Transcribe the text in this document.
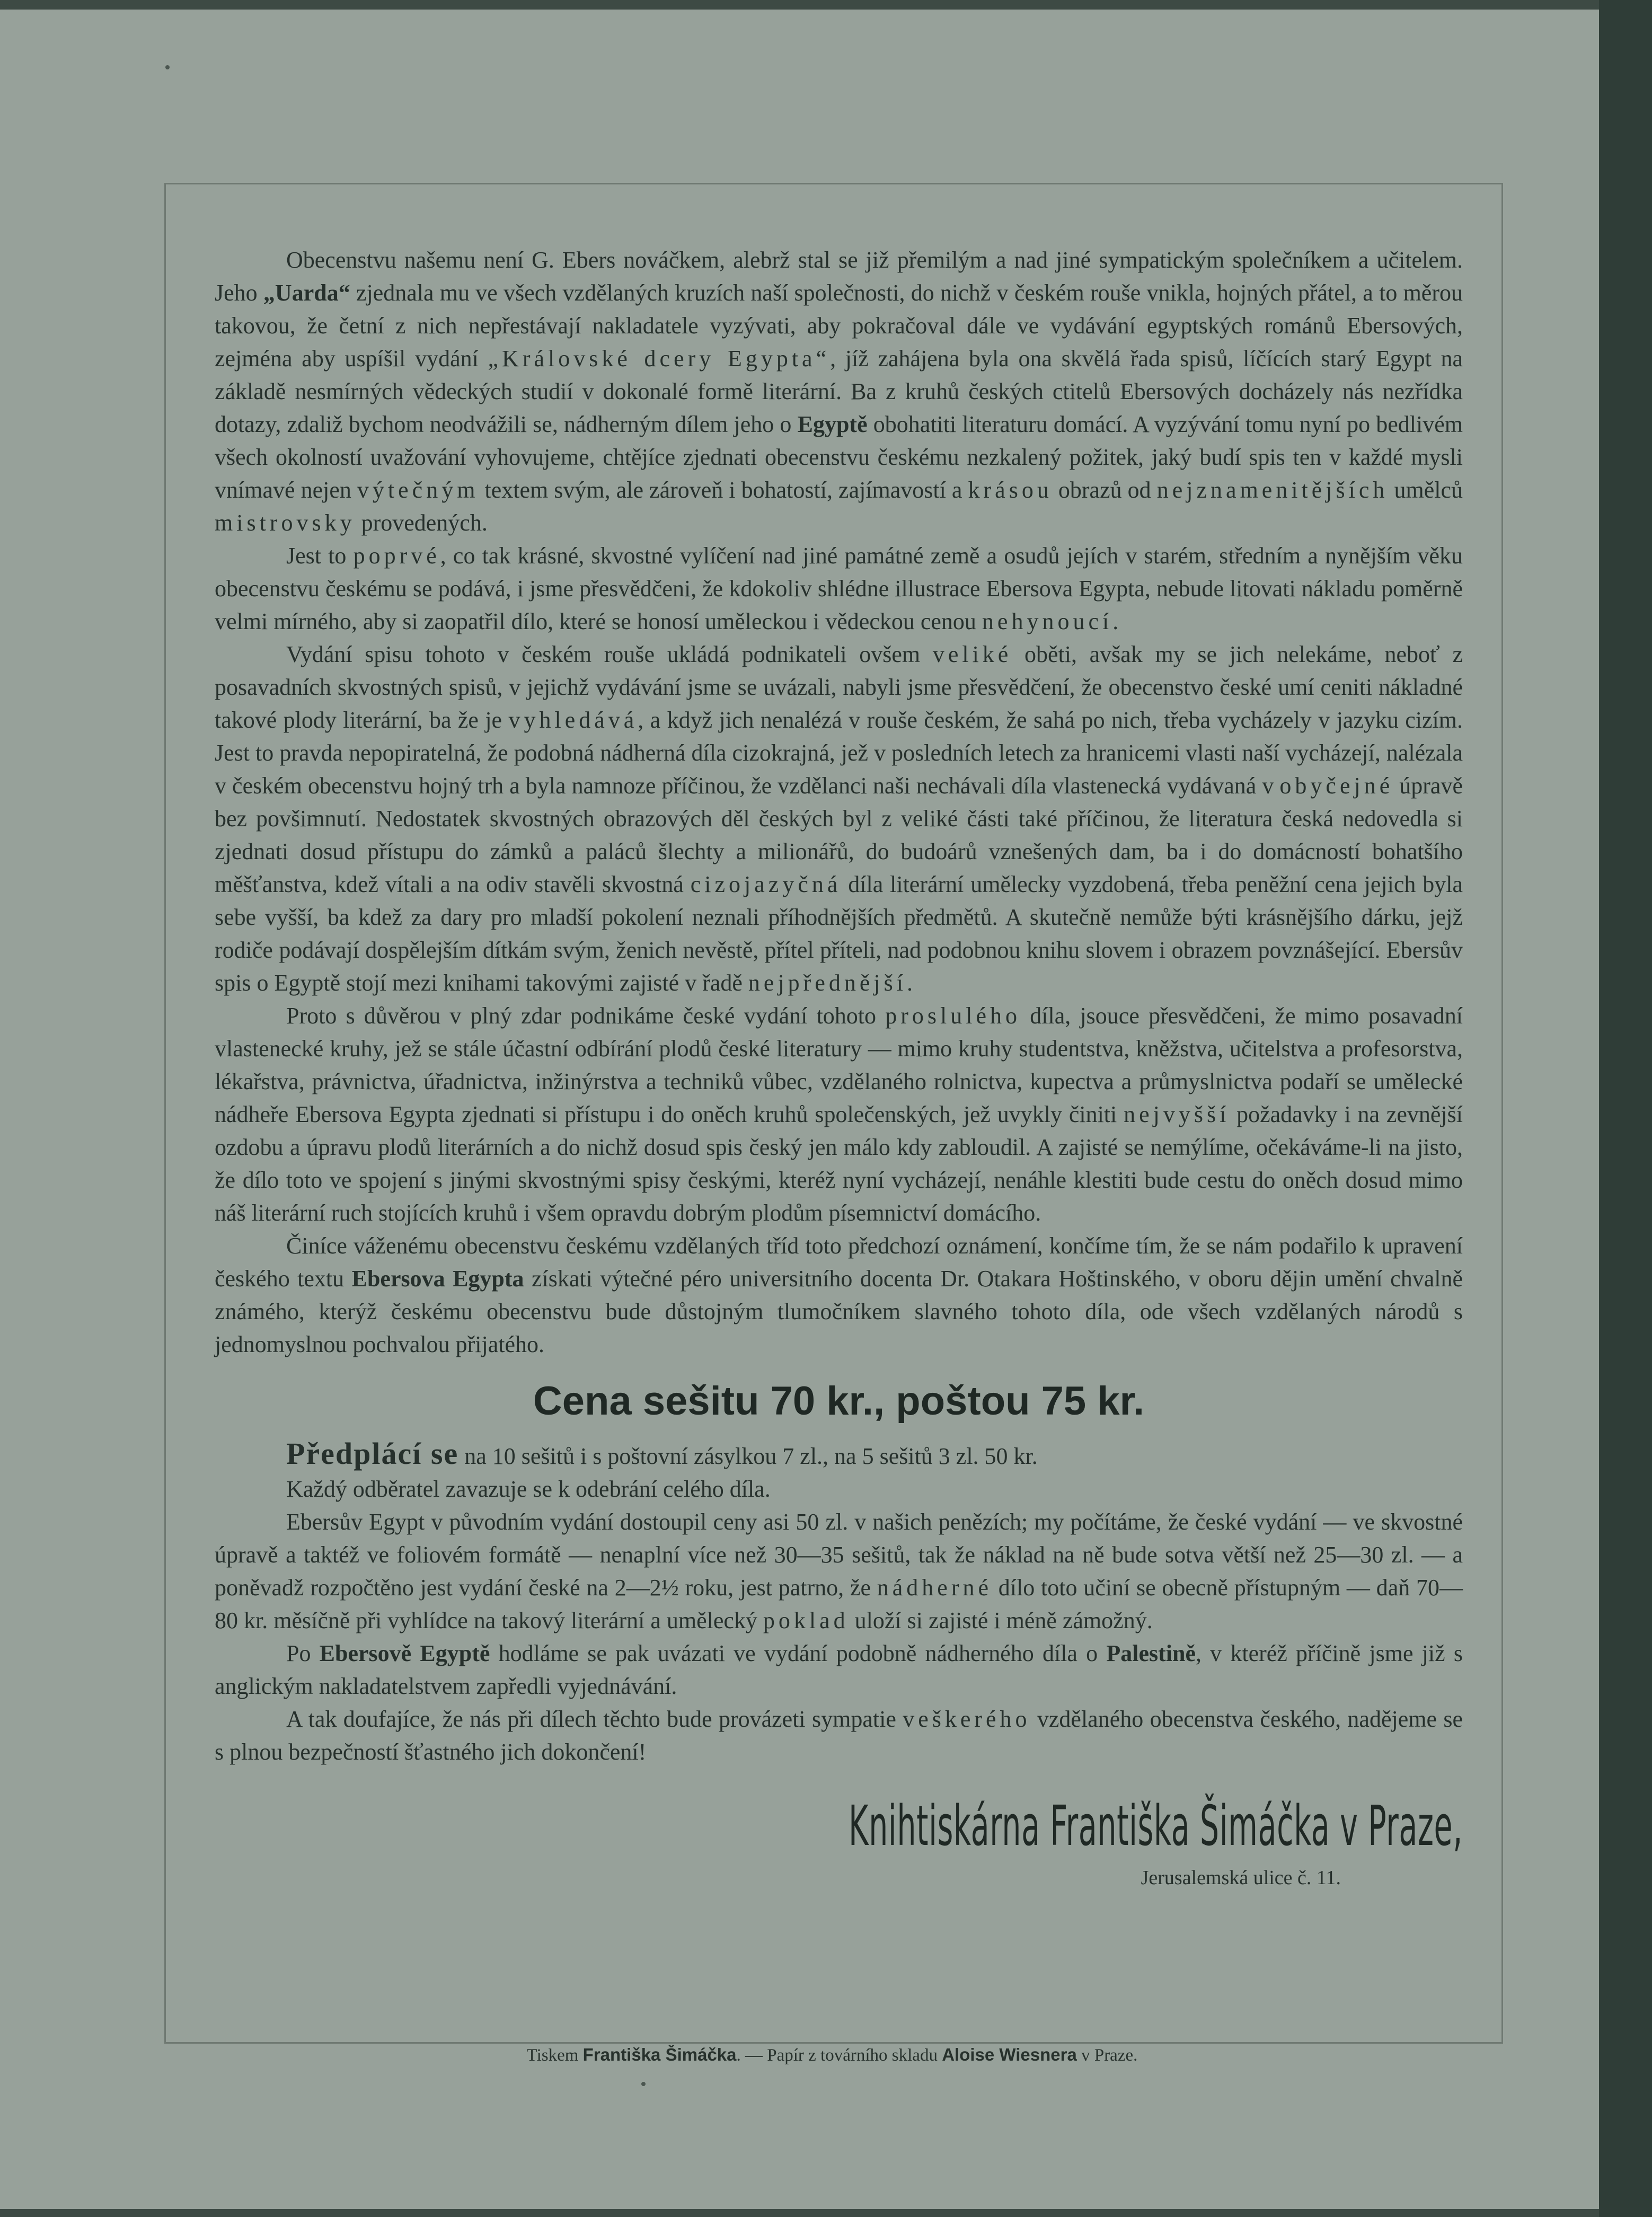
Obecenstvu našemu není G. Ebers nováčkem, alebrž stal se již přemilým a nad jiné sympatickým společníkem a učitelem. Jeho „Uarda“ zjednala mu ve všech vzdělaných kruzích naší společnosti, do nichž v českém rouše vnikla, hojných přátel, a to měrou takovou, že četní z nich nepřestávají nakladatele vyzývati, aby pokračoval dále ve vydávání egyptských románů Ebersových, zejména aby uspíšil vydání „Královské dcery Egypta“, jíž zahájena byla ona skvělá řada spisů, líčících starý Egypt na základě nesmírných vědeckých studií v dokonalé formě literární. Ba z kruhů českých ctitelů Ebersových docházely nás nezřídka dotazy, zdaliž bychom neodvážili se, nádherným dílem jeho o Egyptě obohatiti literaturu domácí. A vyzývání tomu nyní po bedlivém všech okolností uvažování vyhovujeme, chtějíce zjednati obecenstvu českému nezkalený požitek, jaký budí spis ten v každé mysli vnímavé nejen výtečným textem svým, ale zároveň i bohatostí, zajímavostí a krásou obrazů od nejznamenitějších umělců mistrovsky provedených.

Jest to poprvé, co tak krásné, skvostné vylíčení nad jiné památné země a osudů jejích v starém, středním a nynějším věku obecenstvu českému se podává, i jsme přesvědčeni, že kdokoliv shlédne illustrace Ebersova Egypta, nebude litovati nákladu poměrně velmi mírného, aby si zaopatřil dílo, které se honosí uměleckou i vědeckou cenou nehynoucí.

Vydání spisu tohoto v českém rouše ukládá podnikateli ovšem veliké oběti, avšak my se jich nelekáme, neboť z posavadních skvostných spisů, v jejichž vydávání jsme se uvázali, nabyli jsme přesvědčení, že obecenstvo české umí ceniti nákladné takové plody literární, ba že je vyhledává, a když jich nenalézá v rouše českém, že sahá po nich, třeba vycházely v jazyku cizím. Jest to pravda nepopiratelná, že podobná nádherná díla cizokrajná, jež v posledních letech za hranicemi vlasti naší vycházejí, nalézala v českém obecenstvu hojný trh a byla namnoze příčinou, že vzdělanci naši nechávali díla vlastenecká vydávaná v obyčejné úpravě bez povšimnutí. Nedostatek skvostných obrazových děl českých byl z veliké části také příčinou, že literatura česká nedovedla si zjednati dosud přístupu do zámků a paláců šlechty a milionářů, do budoárů vznešených dam, ba i do domácností bohatšího měšťanstva, kdež vítali a na odiv stavěli skvostná cizojazyčná díla literární umělecky vyzdobená, třeba peněžní cena jejich byla sebe vyšší, ba kdež za dary pro mladší pokolení neznali příhodnějších předmětů. A skutečně nemůže býti krásnějšího dárku, jejž rodiče podávají dospělejším dítkám svým, ženich nevěstě, přítel příteli, nad podobnou knihu slovem i obrazem povznášející. Ebersův spis o Egyptě stojí mezi knihami takovými zajisté v řadě nejpřednější.

Proto s důvěrou v plný zdar podnikáme české vydání tohoto proslulého díla, jsouce přesvědčeni, že mimo posavadní vlastenecké kruhy, jež se stále účastní odbírání plodů české literatury — mimo kruhy studentstva, kněžstva, učitelstva a profesorstva, lékařstva, právnictva, úřadnictva, inžinýrstva a techniků vůbec, vzdělaného rolnictva, kupectva a průmyslnictva podaří se umělecké nádheře Ebersova Egypta zjednati si přístupu i do oněch kruhů společenských, jež uvykly činiti nejvyšší požadavky i na zevnější ozdobu a úpravu plodů literárních a do nichž dosud spis český jen málo kdy zabloudil. A zajisté se nemýlíme, očekáváme-li na jisto, že dílo toto ve spojení s jinými skvostnými spisy českými, kteréž nyní vycházejí, nenáhle klestiti bude cestu do oněch dosud mimo náš literární ruch stojících kruhů i všem opravdu dobrým plodům písemnictví domácího.

Činíce váženému obecenstvu českému vzdělaných tříd toto předchozí oznámení, končíme tím, že se nám podařilo k upravení českého textu Ebersova Egypta získati výtečné péro universitního docenta Dr. Otakara Hoštinského, v oboru dějin umění chvalně známého, kterýž českému obecenstvu bude důstojným tlumočníkem slavného tohoto díla, ode všech vzdělaných národů s jednomyslnou pochvalou přijatého.

Cena sešitu 70 kr., poštou 75 kr.

Předplácí se na 10 sešitů i s poštovní zásylkou 7 zl., na 5 sešitů 3 zl. 50 kr.

Každý odběratel zavazuje se k odebrání celého díla.

Ebersův Egypt v původním vydání dostoupil ceny asi 50 zl. v našich penězích; my počítáme, že české vydání — ve skvostné úpravě a taktéž ve foliovém formátě — nenaplní více než 30—35 sešitů, tak že náklad na ně bude sotva větší než 25—30 zl. — a poněvadž rozpočtěno jest vydání české na 2—2½ roku, jest patrno, že nádherné dílo toto učiní se obecně přístupným — daň 70—80 kr. měsíčně při vyhlídce na takový literární a umělecký poklad uloží si zajisté i méně zámožný.

Po Ebersově Egyptě hodláme se pak uvázati ve vydání podobně nádherného díla o Palestině, v kteréž příčině jsme již s anglickým nakladatelstvem zapředli vyjednávání.

A tak doufajíce, že nás při dílech těchto bude provázeti sympatie veškerého vzdělaného obecenstva českého, nadějeme se s plnou bezpečností šťastného jich dokončení!

Knihtiskárna Františka Šimáčka v Praze,
Jerusalemská ulice č. 11.
Tiskem Františka Šimáčka. — Papír z továrního skladu Aloise Wiesnera v Praze.
